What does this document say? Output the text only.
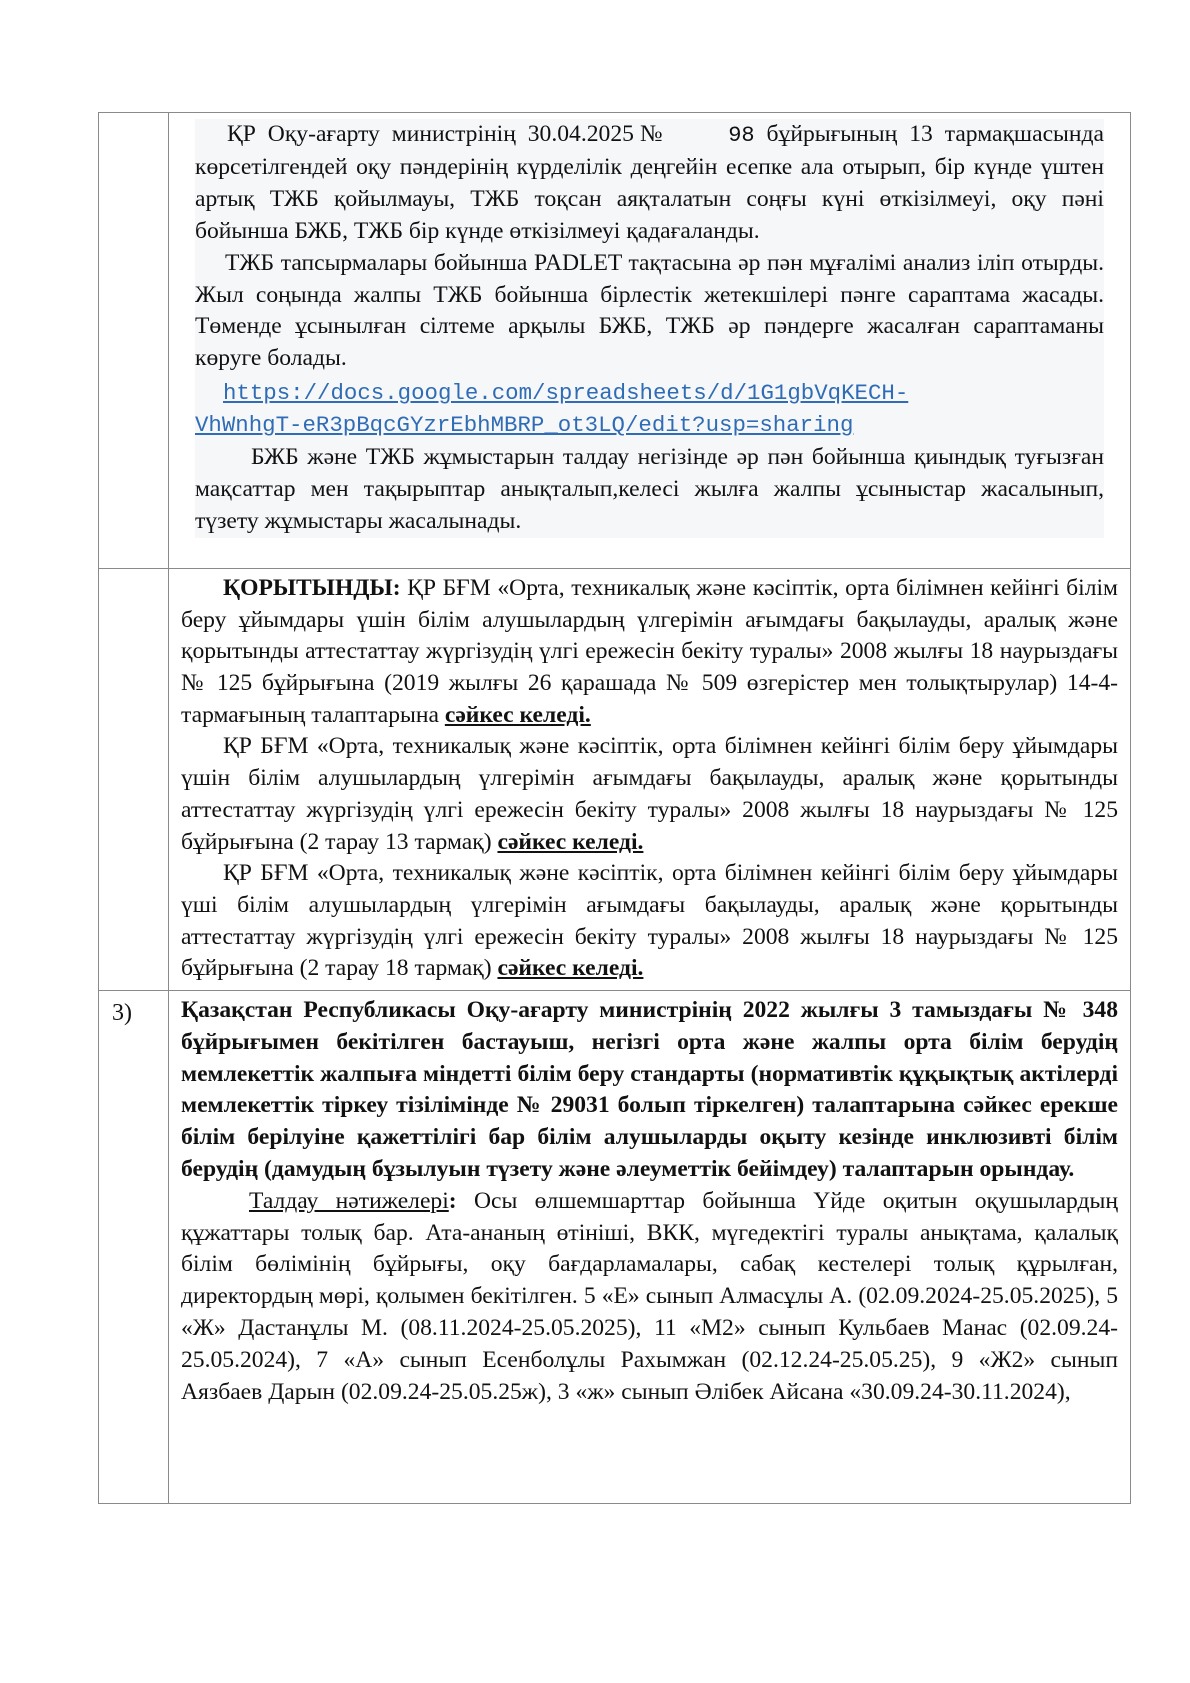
	ҚР Оқу-ағарту министрінің 30.04.2025№ 98 бұйрығының 13 тармақшасында көрсетілгендей оқу пәндерінің күрделілік деңгейін есепке ала отырып, бір күнде үштен артық ТЖБ қойылмауы, ТЖБ тоқсан аяқталатын соңғы күні өткізілмеуі, оқу пәні бойынша БЖБ, ТЖБ бір күнде өткізілмеуі қадағаланды.

ТЖБ тапсырмалары бойынша PADLET тақтасына әр пән мұғалімі анализ іліп отырды. Жыл соңында жалпы ТЖБ бойынша бірлестік жетекшілері пәнге сараптама жасады. Төменде ұсынылған сілтеме арқылы БЖБ, ТЖБ әр пәндерге жасалған сараптаманы көруге болады.

https://docs.google.com/spreadsheets/d/1G1gbVqKECH-
VhWnhgT-eR3pBqcGYzrEbhMBRP_ot3LQ/edit?usp=sharing

БЖБ және ТЖБ жұмыстарын талдау негізінде әр пән бойынша қиындық туғызған мақсаттар мен тақырыптар анықталып,келесі жылға жалпы ұсыныстар жасалынып, түзету жұмыстары жасалынады.

	ҚОРЫТЫНДЫ: ҚР БҒМ «Орта, техникалық және кәсіптік, орта білімнен кейінгі білім беру ұйымдары үшін білім алушылардың үлгерімін ағымдағы бақылауды, аралық және қорытынды аттестаттау жүргізудің үлгі ережесін бекіту туралы» 2008 жылғы 18 наурыздағы № 125 бұйрығына (2019 жылғы 26 қарашада № 509 өзгерістер мен толықтырулар) 14-4-тармағының талаптарына сәйкес келеді.

ҚР БҒМ «Орта, техникалық және кәсіптік, орта білімнен кейінгі білім беру ұйымдары үшін білім алушылардың үлгерімін ағымдағы бақылауды, аралық және қорытынды аттестаттау жүргізудің үлгі ережесін бекіту туралы» 2008 жылғы 18 наурыздағы № 125 бұйрығына (2 тарау 13 тармақ) сәйкес келеді.

ҚР БҒМ «Орта, техникалық және кәсіптік, орта білімнен кейінгі білім беру ұйымдары үші білім алушылардың үлгерімін ағымдағы бақылауды, аралық және қорытынды аттестаттау жүргізудің үлгі ережесін бекіту туралы» 2008 жылғы 18 наурыздағы № 125 бұйрығына (2 тарау 18 тармақ) сәйкес келеді.

3)	Қазақстан Республикасы Оқу-ағарту министрінің 2022 жылғы 3 тамыздағы № 348 бұйрығымен бекітілген бастауыш, негізгі орта және жалпы орта білім берудің мемлекеттік жалпыға міндетті білім беру стандарты (нормативтік құқықтық актілерді мемлекеттік тіркеу тізілімінде № 29031 болып тіркелген) талаптарына сәйкес ерекше білім берілуіне қажеттілігі бар білім алушыларды оқыту кезінде инклюзивті білім берудің (дамудың бұзылуын түзету және әлеуметтік бейімдеу) талаптарын орындау.

Талдау нәтижелері: Осы өлшемшарттар бойынша Үйде оқитын оқушылардың құжаттары толық бар. Ата-ананың өтініші, ВКК, мүгедектігі туралы анықтама, қалалық білім бөлімінің бұйрығы, оқу бағдарламалары, сабақ кестелері толық құрылған, директордың мөрі, қолымен бекітілген. 5 «Е» сынып Алмасұлы А. (02.09.2024-25.05.2025), 5 «Ж» Дастанұлы М. (08.11.2024-25.05.2025), 11 «М2» сынып Кульбаев Манас (02.09.24-25.05.2024), 7 «А» сынып Есенболұлы Рахымжан (02.12.24-25.05.25), 9 «Ж2» сынып Аязбаев Дарын (02.09.24-25.05.25ж), 3 «ж» сынып Әлібек Айсана «30.09.24-30.11.2024),
